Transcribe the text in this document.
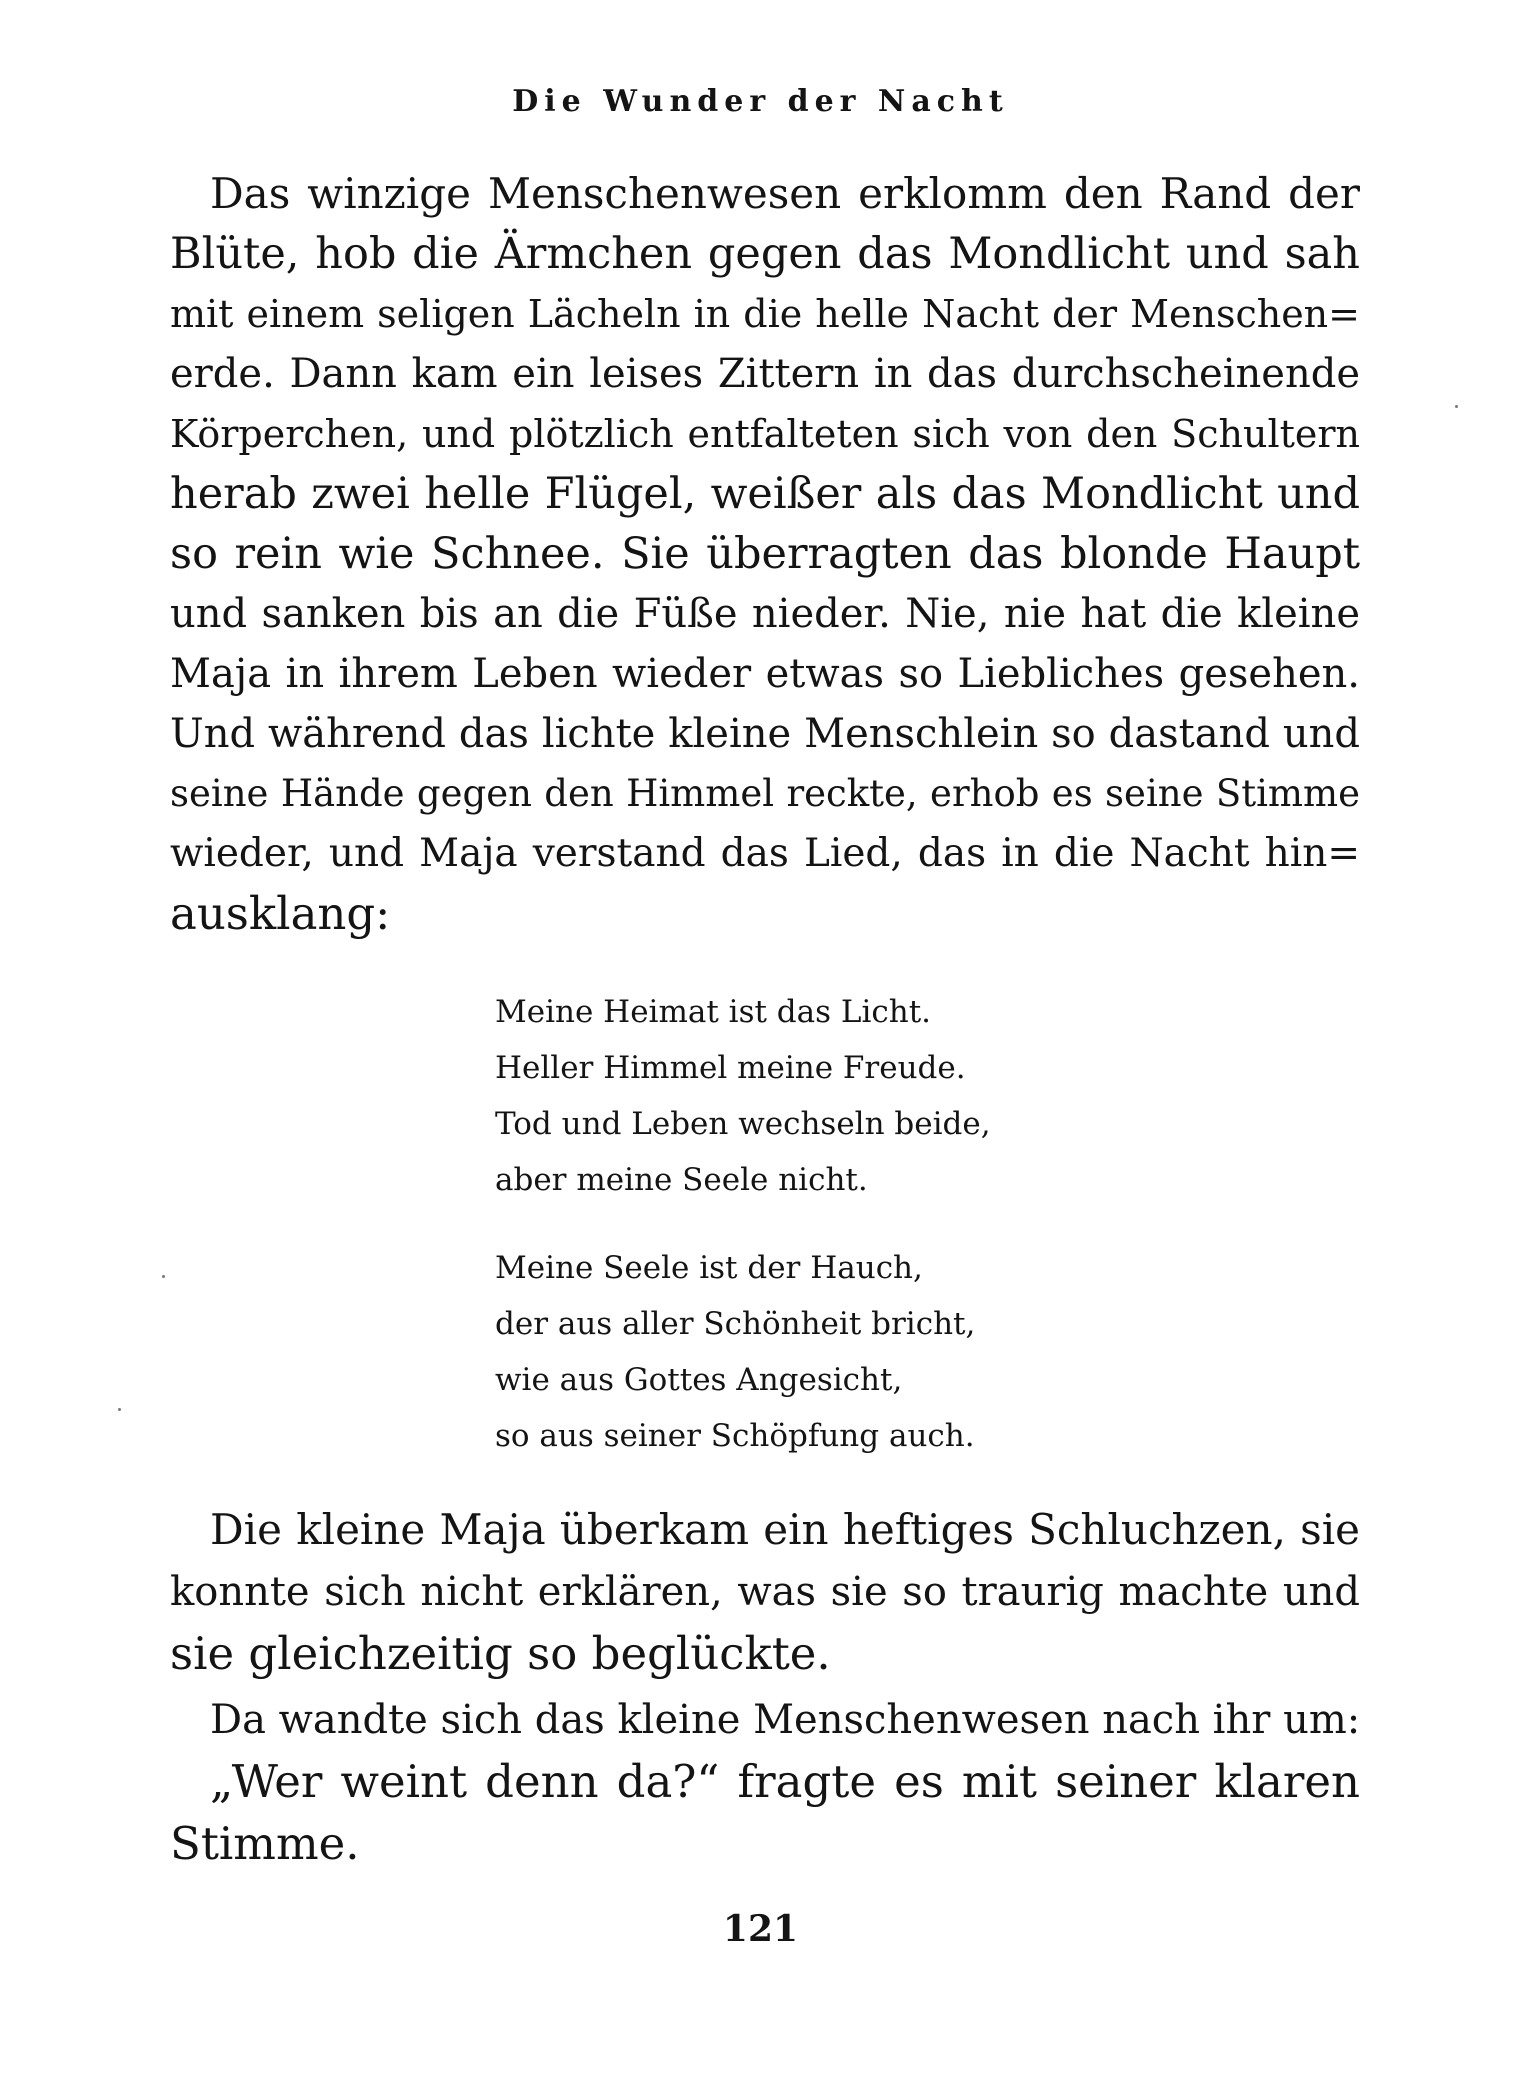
Die Wunder der Nacht
Das winzige Menschenwesen erklomm den Rand der
Blüte, hob die Ärmchen gegen das Mondlicht und sah
mit einem seligen Lächeln in die helle Nacht der Menschen=
erde. Dann kam ein leises Zittern in das durchscheinende
Körperchen, und plötzlich entfalteten sich von den Schultern
herab zwei helle Flügel, weißer als das Mondlicht und
so rein wie Schnee. Sie überragten das blonde Haupt
und sanken bis an die Füße nieder. Nie, nie hat die kleine
Maja in ihrem Leben wieder etwas so Liebliches gesehen.
Und während das lichte kleine Menschlein so dastand und
seine Hände gegen den Himmel reckte, erhob es seine Stimme
wieder, und Maja verstand das Lied, das in die Nacht hin=
ausklang:
Meine Heimat ist das Licht.
Heller Himmel meine Freude.
Tod und Leben wechseln beide,
aber meine Seele nicht.
Meine Seele ist der Hauch,
der aus aller Schönheit bricht,
wie aus Gottes Angesicht,
so aus seiner Schöpfung auch.
Die kleine Maja überkam ein heftiges Schluchzen, sie
konnte sich nicht erklären, was sie so traurig machte und
sie gleichzeitig so beglückte.
Da wandte sich das kleine Menschenwesen nach ihr um:
„Wer weint denn da?“ fragte es mit seiner klaren
Stimme.
121
